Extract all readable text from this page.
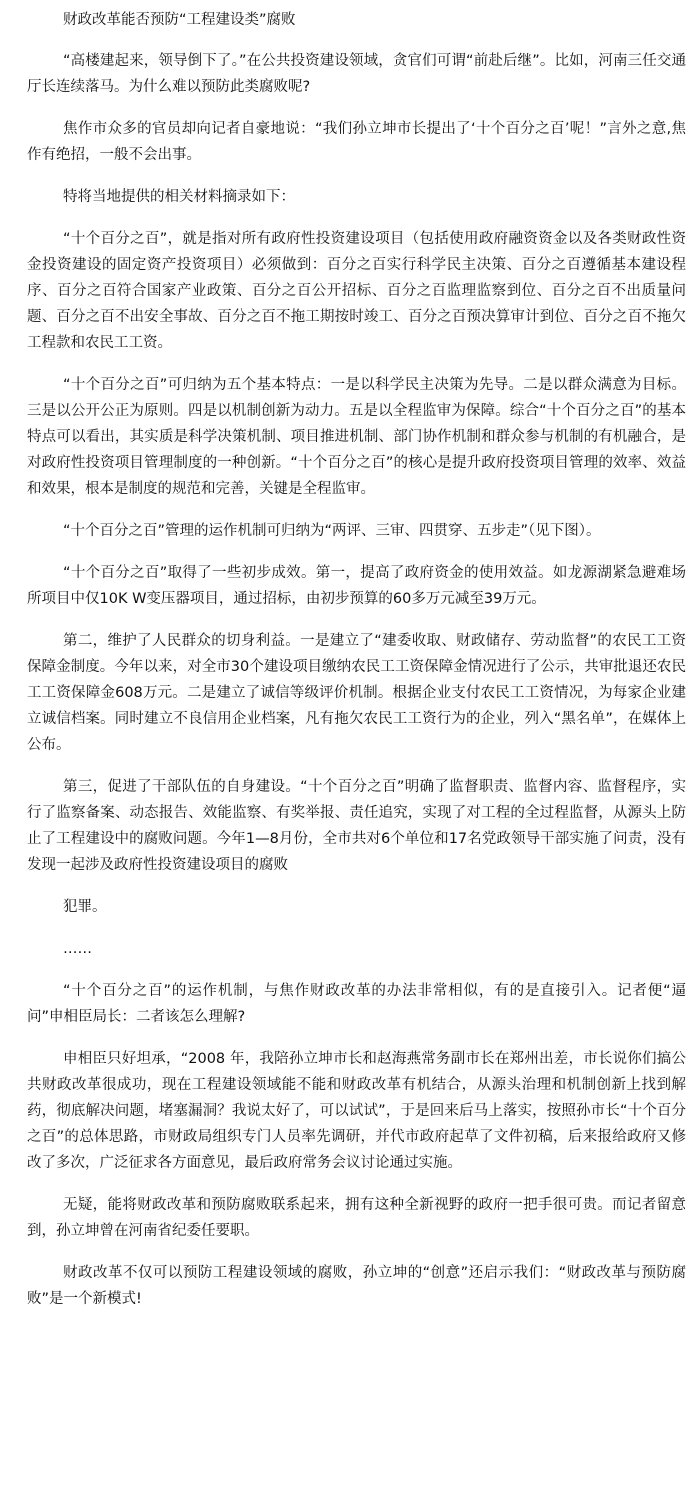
财政改革能否预防“工程建设类”腐败

“高楼建起来，领导倒下了。”在公共投资建设领域，贪官们可谓“前赴后继”。比如，河南三任交通厅长连续落马。为什么难以预防此类腐败呢?

焦作市众多的官员却向记者自豪地说：“我们孙立坤市长提出了‘十个百分之百’呢！”言外之意,焦作有绝招，一般不会出事。

特将当地提供的相关材料摘录如下：

“十个百分之百”，就是指对所有政府性投资建设项目（包括使用政府融资资金以及各类财政性资金投资建设的固定资产投资项目）必须做到：百分之百实行科学民主决策、百分之百遵循基本建设程序、百分之百符合国家产业政策、百分之百公开招标、百分之百监理监察到位、百分之百不出质量问题、百分之百不出安全事故、百分之百不拖工期按时竣工、百分之百预决算审计到位、百分之百不拖欠工程款和农民工工资。

“十个百分之百”可归纳为五个基本特点：一是以科学民主决策为先导。二是以群众满意为目标。三是以公开公正为原则。四是以机制创新为动力。五是以全程监审为保障。综合“十个百分之百”的基本特点可以看出，其实质是科学决策机制、项目推进机制、部门协作机制和群众参与机制的有机融合，是对政府性投资项目管理制度的一种创新。“十个百分之百”的核心是提升政府投资项目管理的效率、效益和效果，根本是制度的规范和完善，关键是全程监审。

“十个百分之百”管理的运作机制可归纳为“两评、三审、四贯穿、五步走”（见下图）。

“十个百分之百”取得了一些初步成效。第一，提高了政府资金的使用效益。如龙源湖紧急避难场所项目中仅10K W变压器项目，通过招标，由初步预算的60多万元减至39万元。

第二，维护了人民群众的切身利益。一是建立了“建委收取、财政储存、劳动监督”的农民工工资保障金制度。今年以来，对全市30个建设项目缴纳农民工工资保障金情况进行了公示，共审批退还农民工工资保障金608万元。二是建立了诚信等级评价机制。根据企业支付农民工工资情况，为每家企业建立诚信档案。同时建立不良信用企业档案，凡有拖欠农民工工资行为的企业，列入“黑名单”，在媒体上公布。

第三，促进了干部队伍的自身建设。“十个百分之百”明确了监督职责、监督内容、监督程序，实行了监察备案、动态报告、效能监察、有奖举报、责任追究，实现了对工程的全过程监督，从源头上防止了工程建设中的腐败问题。今年1—8月份，全市共对6个单位和17名党政领导干部实施了问责，没有发现一起涉及政府性投资建设项目的腐败

犯罪。

……

“十个百分之百”的运作机制，与焦作财政改革的办法非常相似，有的是直接引入。记者便“逼问”申相臣局长：二者该怎么理解?

申相臣只好坦承，“2008 年，我陪孙立坤市长和赵海燕常务副市长在郑州出差，市长说你们搞公共财政改革很成功，现在工程建设领域能不能和财政改革有机结合，从源头治理和机制创新上找到解药，彻底解决问题，堵塞漏洞？我说太好了，可以试试”，于是回来后马上落实，按照孙市长“十个百分之百”的总体思路，市财政局组织专门人员率先调研，并代市政府起草了文件初稿，后来报给政府又修改了多次，广泛征求各方面意见，最后政府常务会议讨论通过实施。

无疑，能将财政改革和预防腐败联系起来，拥有这种全新视野的政府一把手很可贵。而记者留意到，孙立坤曾在河南省纪委任要职。

财政改革不仅可以预防工程建设领域的腐败，孙立坤的“创意”还启示我们：“财政改革与预防腐败”是一个新模式!
